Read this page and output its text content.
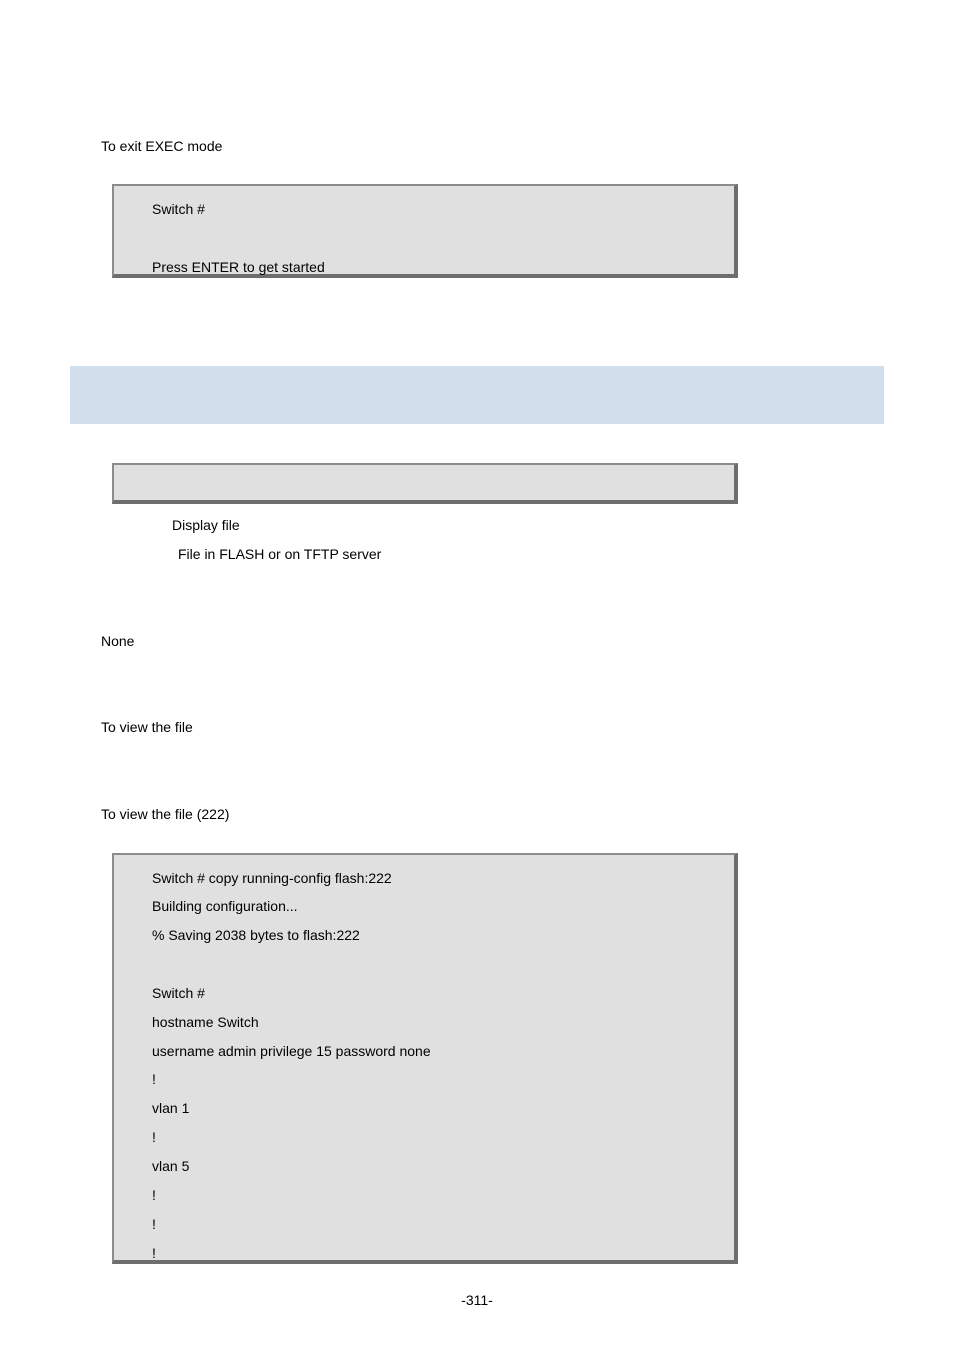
To exit EXEC mode
Switch #
Press ENTER to get started
Display file
File in FLASH or on TFTP server
None
To view the file
To view the file (222)
Switch # copy running-config flash:222
Building configuration...
% Saving 2038 bytes to flash:222
Switch #
hostname Switch
username admin privilege 15 password none
!
vlan 1
!
vlan 5
!
!
!
-311-
